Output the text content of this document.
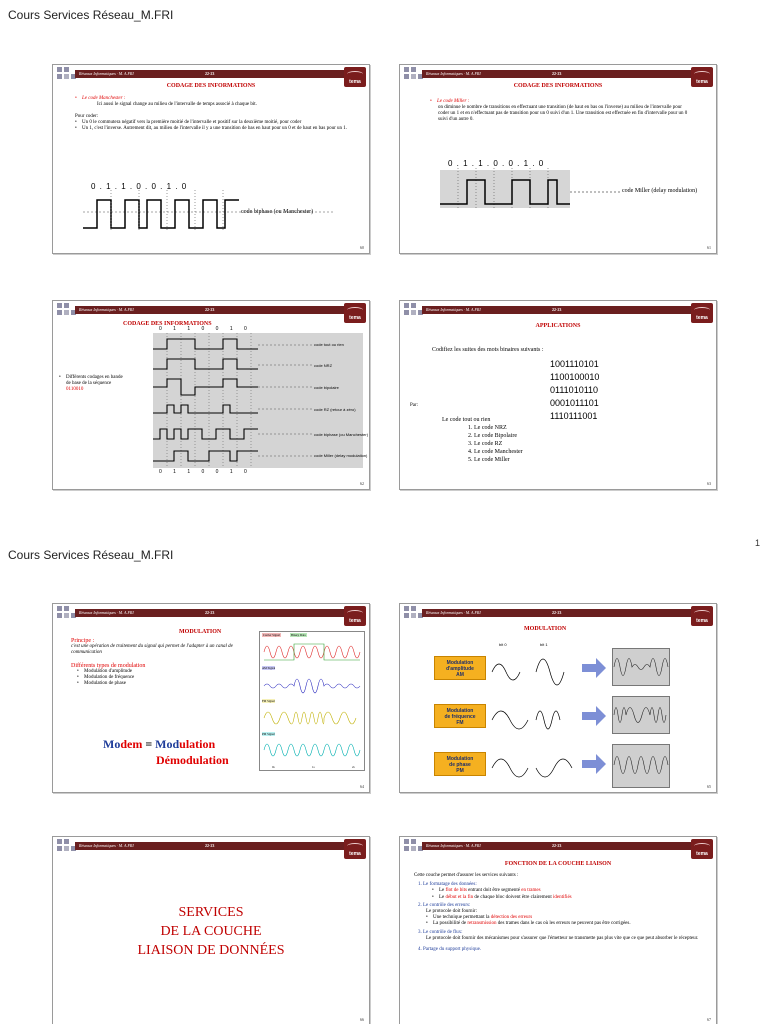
Cours Services Réseau_M.FRI
Cours Services Réseau_M.FRI
1
Réseaux Informatiques · M. A.FRI	22-23
tema
CODAGE DES INFORMATIONS
• Le code Manchester :
Ici aussi le signal change au milieu de l'intervalle de temps associé à chaque bit.
Pour coder:
• Un 0 le commutera négatif vers la première moitié de l'intervalle et positif sur la deuxième moitié, pour coder
• Un 1, c'est l'inverse. Autrement dit, au milieu de l'intervalle il y a une transition de bas en haut pour un 0 et de haut en bas pour un 1.
0 . 1 . 1 . 0 . 0 . 1 . 0
code biphase (ou Manchester)
60
Réseaux Informatiques · M. A.FRI	22-23
tema
CODAGE DES INFORMATIONS
• Le code Miller :
on diminue le nombre de transitions en effectuant une transition (de haut en bas ou l'inverse) au milieu de l'intervalle pour coder un 1 et en n'effectuant pas de transition pour un 0 suivi d'un 1. Une transition est effectuée en fin d'intervalle pour un 0 suivi d'un autre 0.
0 . 1 . 1 . 0 . 0 . 1 . 0
code Miller (delay modulation)
61
Réseaux Informatiques · M. A.FRI	22-23
tema
CODAGE DES INFORMATIONS
• Différents codages en bande de base de la séquence 0110010
0 1 1 0 0 1 0
code tout ou rien
code NRZ
code bipolaire
code RZ (retour à zéro)
code biphase (ou Manchester)
code Miller (delay modulation)
0 1 1 0 0 1 0
62
Réseaux Informatiques · M. A.FRI	22-23
tema
APPLICATIONS
Codifiez les suites des mots binaires suivants :
1001110101
1100100010
0111010110
0001011101
1110111001
Par:
Le code tout ou rien
1. Le code NRZ
2. Le code Bipolaire
3. Le code RZ
4. Le code Manchester
5. Le code Miller
63
Réseaux Informatiques · M. A.FRI	22-23
tema
MODULATION
Principe :
c'est une opération de traitement du signal qui permet de l'adapter à un canal de communication
Différents types de modulation
• Modulation d'amplitude
• Modulation de fréquence
• Modulation de phase
Modem = Modulation
Démodulation
Carrier Signal	Binary Data
AM Signal
FM Signal
PM Signal
0s	1s	2s
64
Réseaux Informatiques · M. A.FRI	22-23
tema
MODULATION
bit 0	bit 1
Modulation
d'amplitude
AM
Modulation
de fréquence
FM
Modulation
de phase
PM
65
Réseaux Informatiques · M. A.FRI	22-23
tema
SERVICES
DE LA COUCHE
LIAISON DE DONNÉES
66
Réseaux Informatiques · M. A.FRI	22-23
tema
FONCTION DE LA COUCHE LIAISON
Cette couche permet d'assurer les services suivants :
1. Le formatage des données:
• Le flot de bits entrant doit être segmenté en trames
• Le début et la fin de chaque bloc doivent être clairement identifiés
2. Le contrôle des erreurs:
Le protocole doit fournir:
• Une technique permettant la détection des erreurs
• La possibilité de retransmission des trames dans le cas où les erreurs ne peuvent pas être corrigées.
3. Le contrôle de flux:
Le protocole doit fournir des mécanismes pour s'assurer que l'émetteur ne transmette pas plus vite que ce que peut absorber le récepteur.
4. Partage du support physique.
67
